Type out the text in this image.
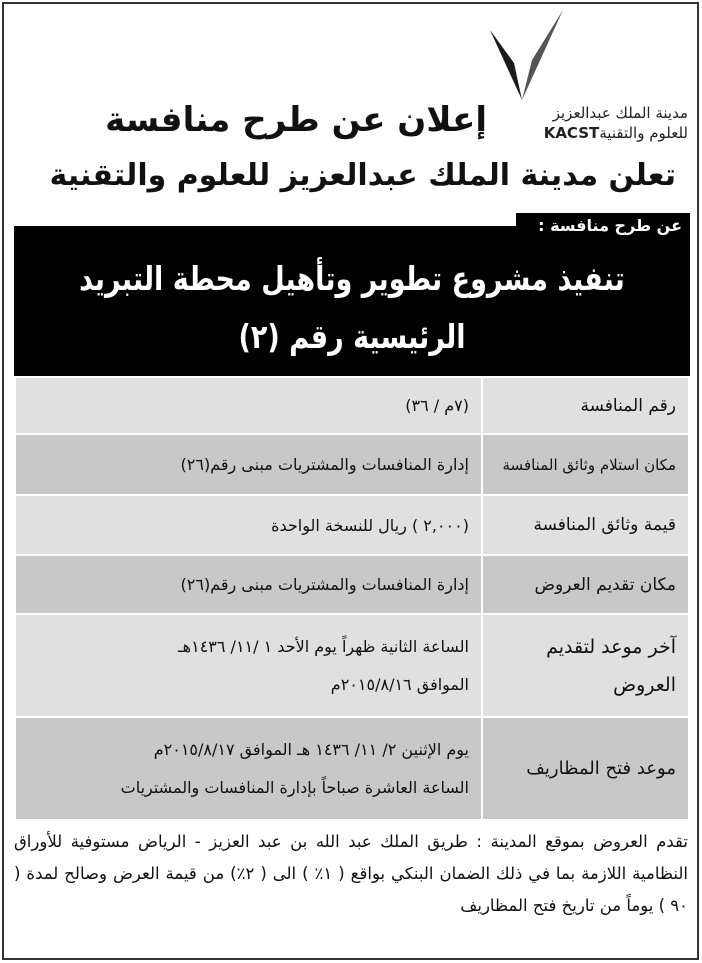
مدينة الملك عبدالعزيز
للعلوم والتقنيةKACST
إعلان عن طرح منافسة
تعلن مدينة الملك عبدالعزيز للعلوم والتقنية
عن طرح منافسة :
تنفيذ مشروع تطوير وتأهيل محطة التبريد
الرئيسية رقم (٢)
رقم المنافسة	(٧م / ٣٦)
مكان استلام وثائق المنافسة	إدارة المنافسات والمشتريات مبنى رقم(٢٦)
قيمة وثائق المنافسة	(٢,٠٠٠ ) ريال للنسخة الواحدة
مكان تقديم العروض	إدارة المنافسات والمشتريات مبنى رقم(٢٦)
آخر موعد لتقديم العروض	الساعة الثانية ظهراً يوم الأحد ١ /١١/ ١٤٣٦هـ
الموافق ٢٠١٥/٨/١٦م

موعد فتح المظاريف	يوم الإثنين ٢/ ١١/ ١٤٣٦ هـ الموافق ٢٠١٥/٨/١٧م
الساعة العاشرة صباحاً بإدارة المنافسات والمشتريات
تقدم العروض بموقع المدينة : طريق الملك عبد الله بن عبد العزيز - الرياض مستوفية للأوراق النظامية اللازمة بما في ذلك الضمان البنكي بواقع ( ١٪ ) الى ( ٢٪) من قيمة العرض وصالح لمدة ( ٩٠ ) يوماً من تاريخ فتح المظاريف
